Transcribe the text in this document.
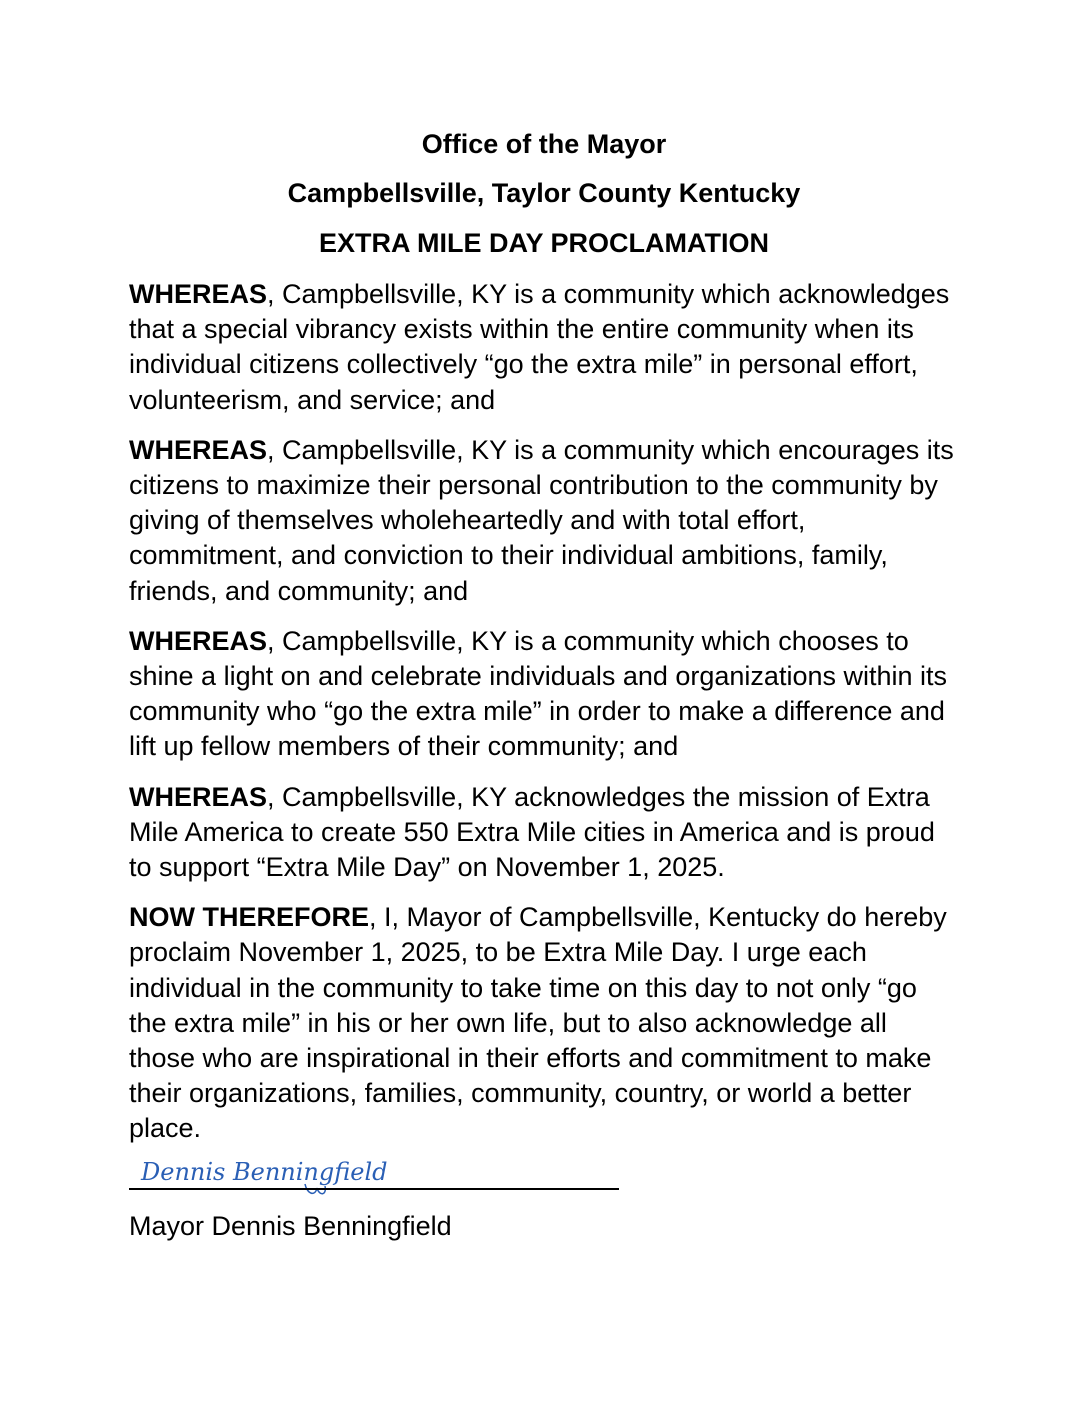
Office of the Mayor

Campbellsville, Taylor County Kentucky

EXTRA MILE DAY PROCLAMATION

WHEREAS, Campbellsville, KY is a community which acknowledges that a special vibrancy exists within the entire community when its individual citizens collectively “go the extra mile” in personal effort, volunteerism, and service; and

WHEREAS, Campbellsville, KY is a community which encourages its citizens to maximize their personal contribution to the community by giving of themselves wholeheartedly and with total effort, commitment, and conviction to their individual ambitions, family, friends, and community; and

WHEREAS, Campbellsville, KY is a community which chooses to shine a light on and celebrate individuals and organizations within its community who “go the extra mile” in order to make a difference and lift up fellow members of their community; and

WHEREAS, Campbellsville, KY acknowledges the mission of Extra Mile America to create 550 Extra Mile cities in America and is proud to support “Extra Mile Day” on November 1, 2025.

NOW THEREFORE, I, Mayor of Campbellsville, Kentucky do hereby proclaim November 1, 2025, to be Extra Mile Day. I urge each individual in the community to take time on this day to not only “go the extra mile” in his or her own life, but to also acknowledge all those who are inspirational in their efforts and commitment to make their organizations, families, community, country, or world a better place.

Dennis Benningfield

Mayor Dennis Benningfield
